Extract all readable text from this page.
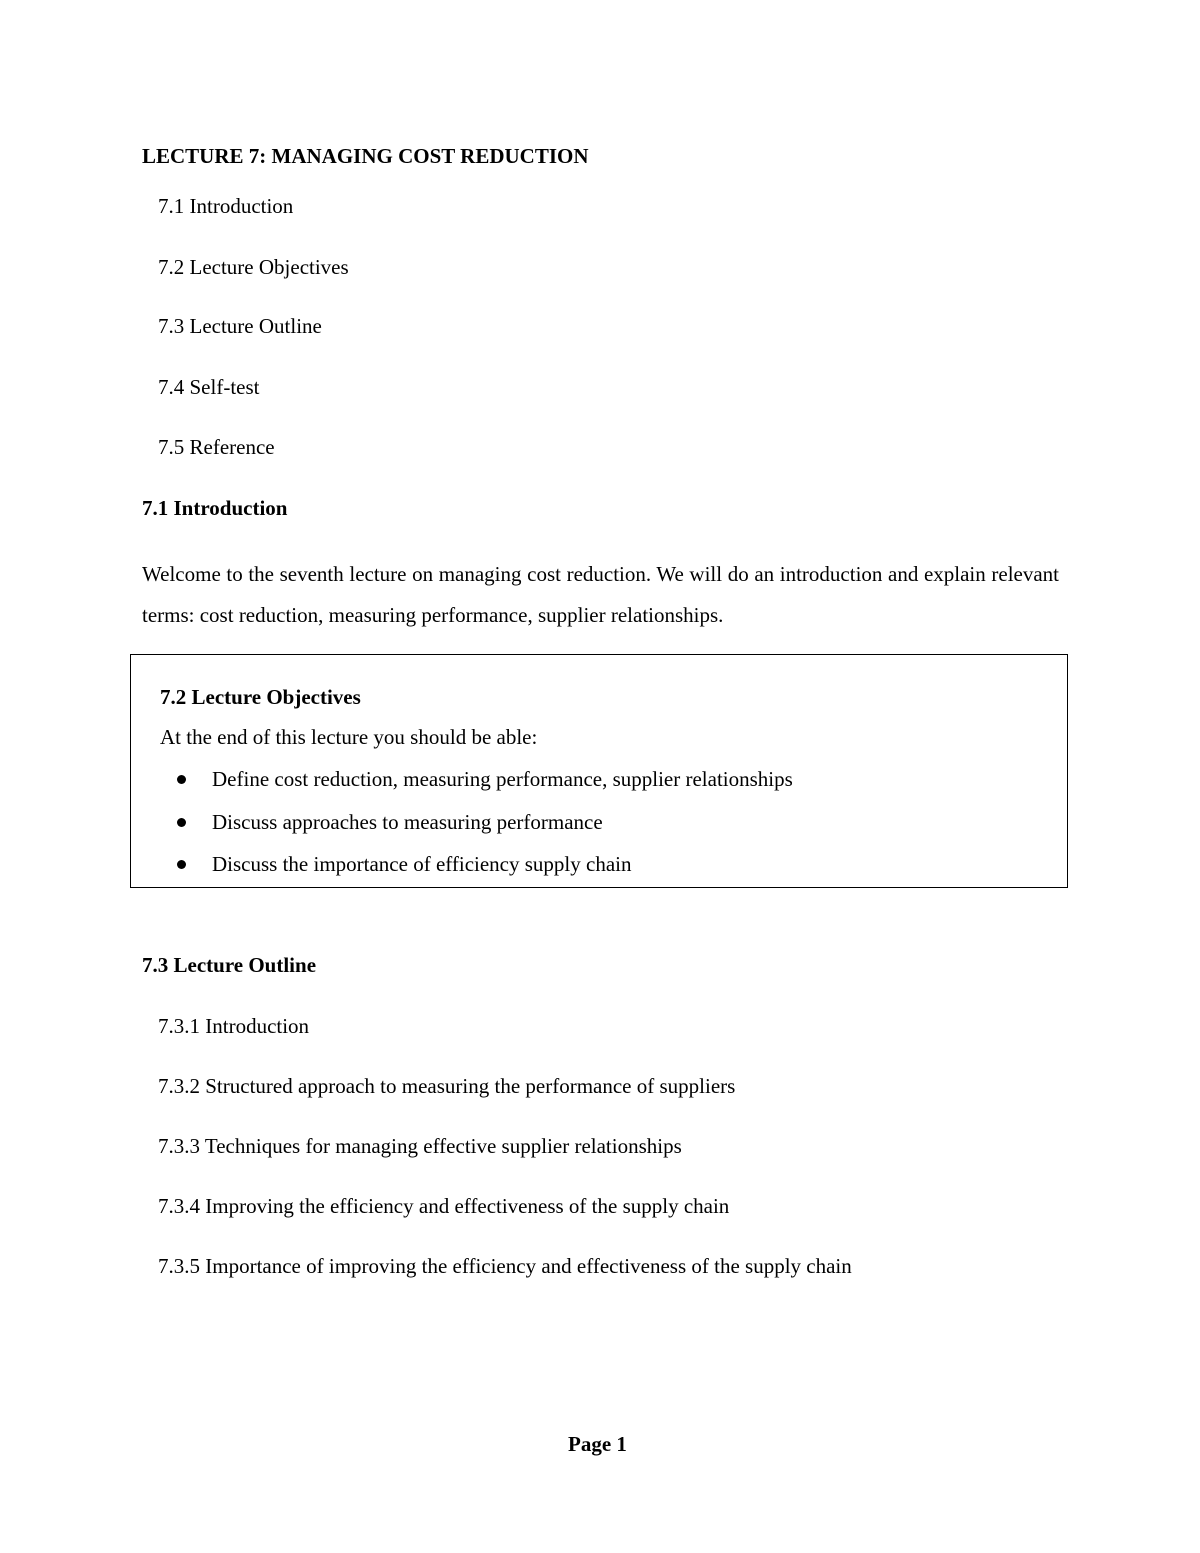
LECTURE 7: MANAGING COST REDUCTION
7.1 Introduction
7.2 Lecture Objectives
7.3 Lecture Outline
7.4 Self-test
7.5 Reference
7.1 Introduction
Welcome to the seventh lecture on managing cost reduction. We will do an introduction and explain relevant terms: cost reduction, measuring performance, supplier relationships.
7.2 Lecture Objectives
At the end of this lecture you should be able:
Define cost reduction, measuring performance, supplier relationships
Discuss approaches to measuring performance
Discuss the importance of efficiency supply chain
7.3 Lecture Outline
7.3.1 Introduction
7.3.2 Structured approach to measuring the performance of suppliers
7.3.3 Techniques for managing effective supplier relationships
7.3.4 Improving the efficiency and effectiveness of the supply chain
7.3.5 Importance of improving the efficiency and effectiveness of the supply chain
Page 1
